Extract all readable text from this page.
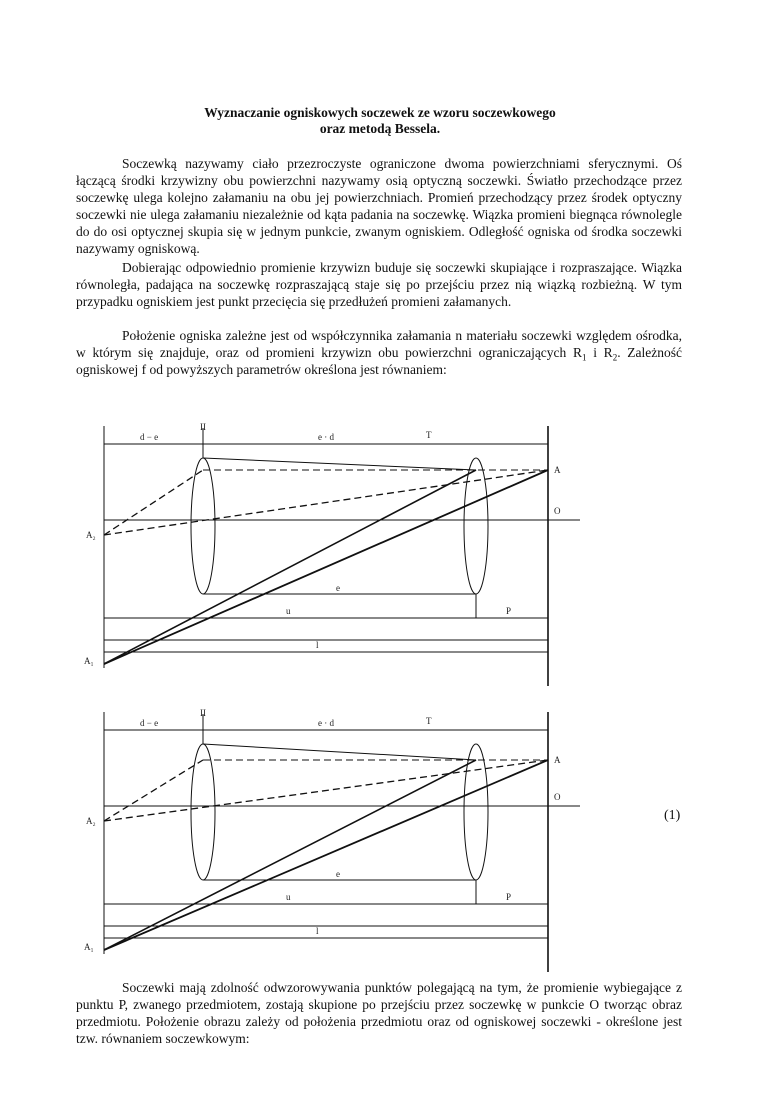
Wyznaczanie ogniskowych soczewek ze wzoru soczewkowego
oraz metodą Bessela.

Soczewką nazywamy ciało przezroczyste ograniczone dwoma powierzchniami sferycznymi. Oś łączącą środki krzywizny obu powierzchni nazywamy osią optyczną soczewki. Światło przechodzące przez soczewkę ulega kolejno załamaniu na obu jej powierzchniach. Promień przechodzący przez środek optyczny soczewki nie ulega załamaniu niezależnie od kąta padania na soczewkę. Wiązka promieni biegnąca równolegle do do osi optycznej skupia się w jednym punkcie, zwanym ogniskiem. Odległość ogniska od środka soczewki nazywamy ogniskową.

Dobierając odpowiednio promienie krzywizn buduje się soczewki skupiające i rozpraszające. Wiązka równoległa, padająca na soczewkę rozpraszającą staje się po przejściu przez nią wiązką rozbieżną. W tym przypadku ogniskiem jest punkt przecięcia się przedłużeń promieni załamanych.

Położenie ogniska zależne jest od współczynnika załamania n materiału soczewki względem ośrodka, w którym się znajduje, oraz od promieni krzywizn obu powierzchni ograniczających $R_1$ i $R_2$. Zależność ogniskowej f od powyższych parametrów określona jest równaniem:

d − e
II
e · d	T
A
O
A₂
A₁
e
u	P
l
d − e
II
e · d	T
A
O
A₂
A₁
e
u	P
l
(1)

Soczewki mają zdolność odwzorowywania punktów polegającą na tym, że promienie wybiegające z punktu P, zwanego przedmiotem, zostają skupione po przejściu przez soczewkę w punkcie O tworząc obraz przedmiotu. Położenie obrazu zależy od położenia przedmiotu oraz od ogniskowej soczewki - określone jest tzw. równaniem soczewkowym:
